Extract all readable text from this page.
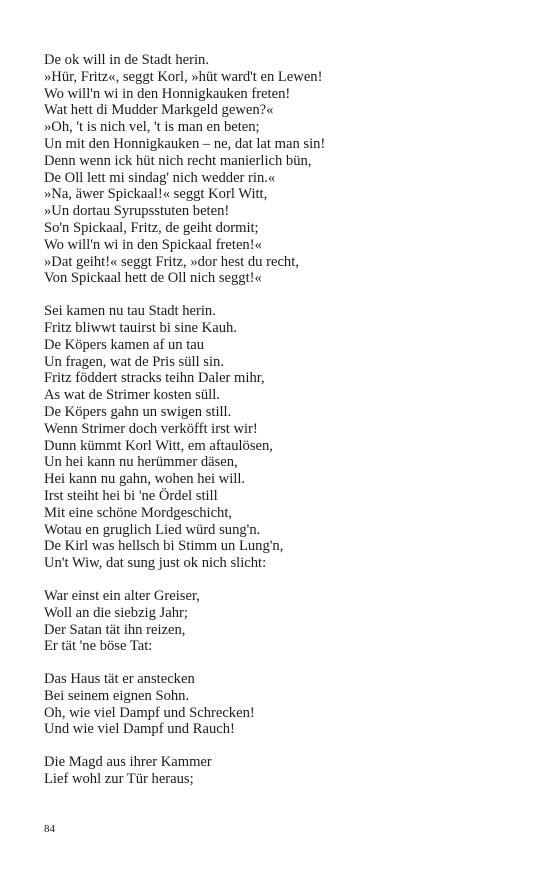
De ok will in de Stadt herin.
»Hür, Fritz«, seggt Korl, »hüt ward't en Lewen!
Wo will'n wi in den Honnigkauken freten!
Wat hett di Mudder Markgeld gewen?«
»Oh, 't is nich vel, 't is man en beten;
Un mit den Honnigkauken – ne, dat lat man sin!
Denn wenn ick hüt nich recht manierlich bün,
De Oll lett mi sindag' nich wedder rin.«
»Na, äwer Spickaal!« seggt Korl Witt,
»Un dortau Syrupsstuten beten!
So'n Spickaal, Fritz, de geiht dormit;
Wo will'n wi in den Spickaal freten!«
»Dat geiht!« seggt Fritz, »dor hest du recht,
Von Spickaal hett de Oll nich seggt!«
Sei kamen nu tau Stadt herin.
Fritz bliwwt tauirst bi sine Kauh.
De Köpers kamen af un tau
Un fragen, wat de Pris süll sin.
Fritz föddert stracks teihn Daler mihr,
As wat de Strimer kosten süll.
De Köpers gahn un swigen still.
Wenn Strimer doch verköfft irst wir!
Dunn kümmt Korl Witt, em aftaulösen,
Un hei kann nu herümmer däsen,
Hei kann nu gahn, wohen hei will.
Irst steiht hei bi 'ne Ördel still
Mit eine schöne Mordgeschicht,
Wotau en gruglich Lied würd sung'n.
De Kirl was hellsch bi Stimm un Lung'n,
Un't Wiw, dat sung just ok nich slicht:
War einst ein alter Greiser,
Woll an die siebzig Jahr;
Der Satan tät ihn reizen,
Er tät 'ne böse Tat:
Das Haus tät er anstecken
Bei seinem eignen Sohn.
Oh, wie viel Dampf und Schrecken!
Und wie viel Dampf und Rauch!
Die Magd aus ihrer Kammer
Lief wohl zur Tür heraus;
84
